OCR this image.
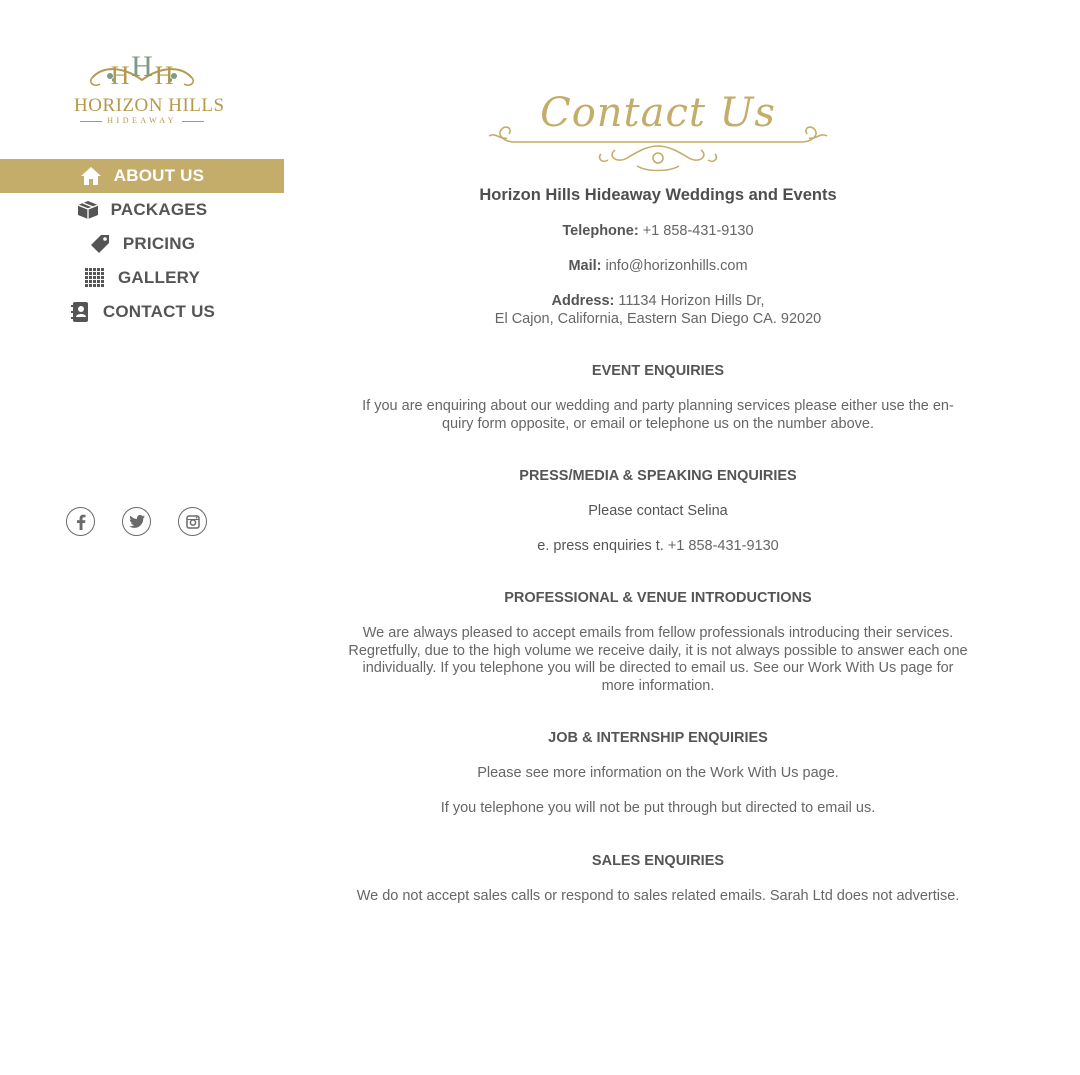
H
H H
HORIZON HILLS
HIDEAWAY
ABOUT US
PACKAGES
PRICING
GALLERY
CONTACT US
Contact Us
Horizon Hills Hideaway Weddings and Events
Telephone: +1 858-431-9130
Mail: info@horizonhills.com
Address: 11134 Horizon Hills Dr,
El Cajon, California, Eastern San Diego CA. 92020
EVENT ENQUIRIES
If you are enquiring about our wedding and party planning services please either use the en-quiry form opposite, or email or telephone us on the number above.
PRESS/MEDIA & SPEAKING ENQUIRIES
Please contact Selina
e. press enquiries t. +1 858-431-9130
PROFESSIONAL & VENUE INTRODUCTIONS
We are always pleased to accept emails from fellow professionals introducing their services. Regretfully, due to the high volume we receive daily, it is not always possible to answer each one individually. If you telephone you will be directed to email us. See our Work With Us page for more information.
JOB & INTERNSHIP ENQUIRIES
Please see more information on the Work With Us page.
If you telephone you will not be put through but directed to email us.
SALES ENQUIRIES
We do not accept sales calls or respond to sales related emails. Sarah Ltd does not advertise.
